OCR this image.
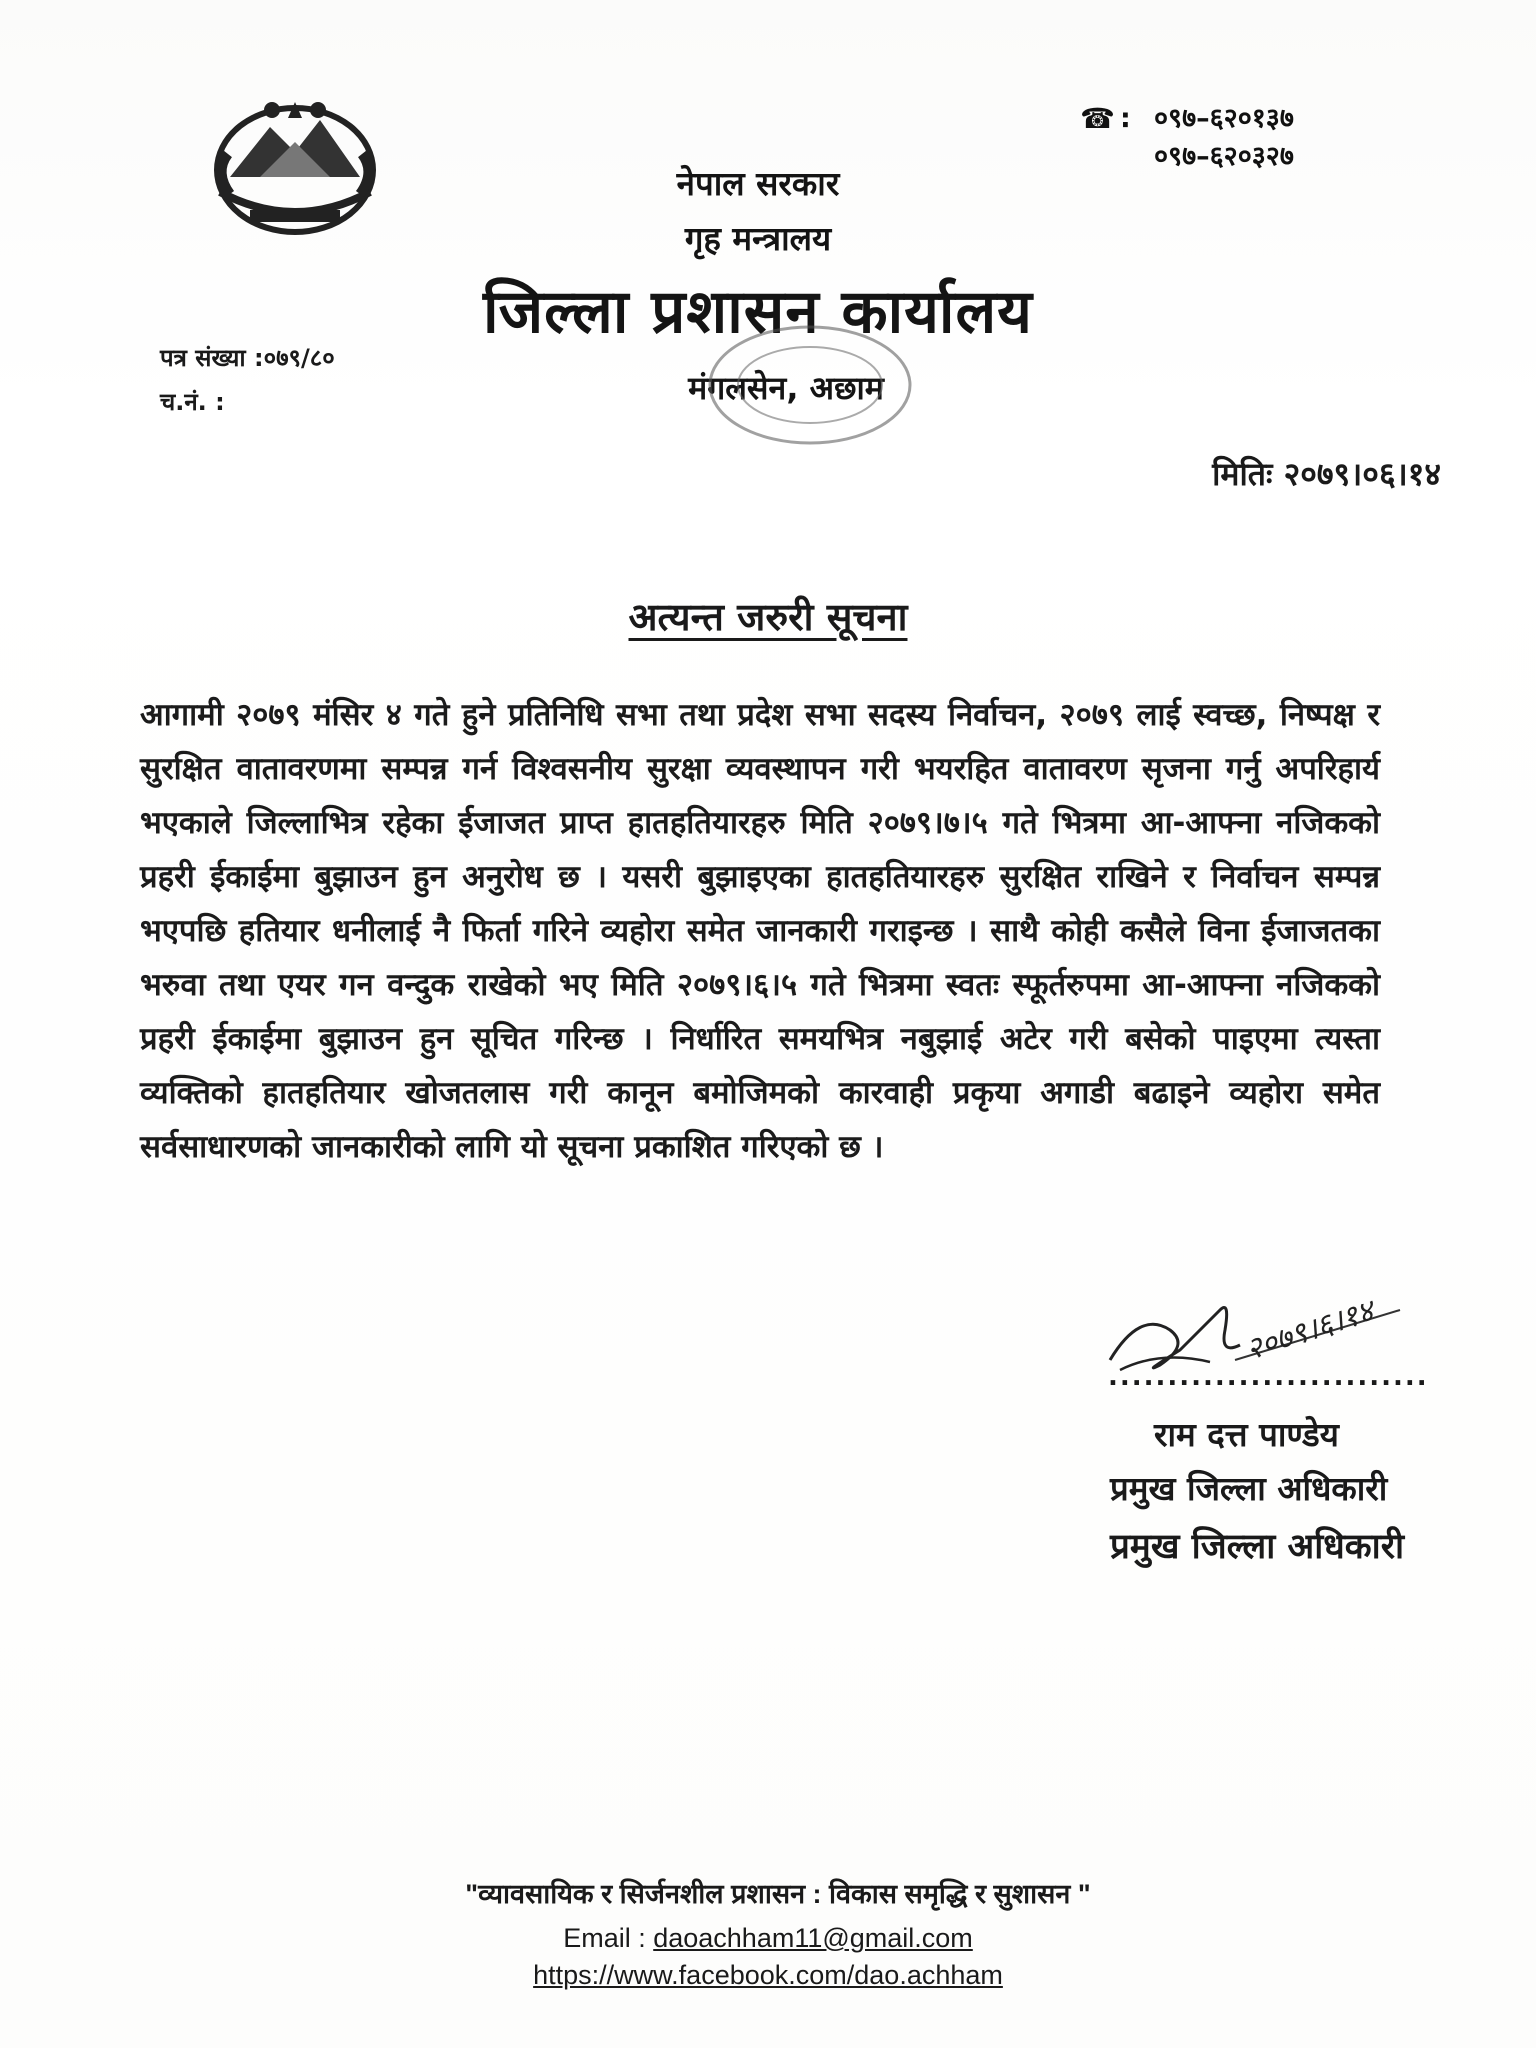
☎ : ०९७–६२०१३७
०९७–६२०३२७
नेपाल सरकार
गृह मन्त्रालय
जिल्ला प्रशासन कार्यालय
मंगलसेन, अछाम
पत्र संख्या :०७९/८०
च.नं. :
मितिः २०७९।०६।१४
अत्यन्त जरुरी सूचना
आगामी २०७९ मंसिर ४ गते हुने प्रतिनिधि सभा तथा प्रदेश सभा सदस्य निर्वाचन, २०७९ लाई स्वच्छ, निष्पक्ष र सुरक्षित वातावरणमा सम्पन्न गर्न विश्वसनीय सुरक्षा व्यवस्थापन गरी भयरहित वातावरण सृजना गर्नु अपरिहार्य भएकाले जिल्लाभित्र रहेका ईजाजत प्राप्त हातहतियारहरु मिति २०७९।७।५ गते भित्रमा आ-आफ्ना नजिकको प्रहरी ईकाईमा बुझाउन हुन अनुरोध छ । यसरी बुझाइएका हातहतियारहरु सुरक्षित राखिने र निर्वाचन सम्पन्न भएपछि हतियार धनीलाई नै फिर्ता गरिने व्यहोरा समेत जानकारी गराइन्छ । साथै कोही कसैले विना ईजाजतका भरुवा तथा एयर गन वन्दुक राखेको भए मिति २०७९।६।५ गते भित्रमा स्वतः स्फूर्तरुपमा आ-आफ्ना नजिकको प्रहरी ईकाईमा बुझाउन हुन सूचित गरिन्छ । निर्धारित समयभित्र नबुझाई अटेर गरी बसेको पाइएमा त्यस्ता व्यक्तिको हातहतियार खोजतलास गरी कानून बमोजिमको कारवाही प्रकृया अगाडी बढाइने व्यहोरा समेत सर्वसाधारणको जानकारीको लागि यो सूचना प्रकाशित गरिएको छ ।
२०७९।६।१४
...........................
राम दत्त पाण्डेय
प्रमुख जिल्ला अधिकारी
प्रमुख जिल्ला अधिकारी
"व्यावसायिक र सिर्जनशील प्रशासन : विकास समृद्धि र सुशासन "
Email : daoachham11@gmail.com
https://www.facebook.com/dao.achham
